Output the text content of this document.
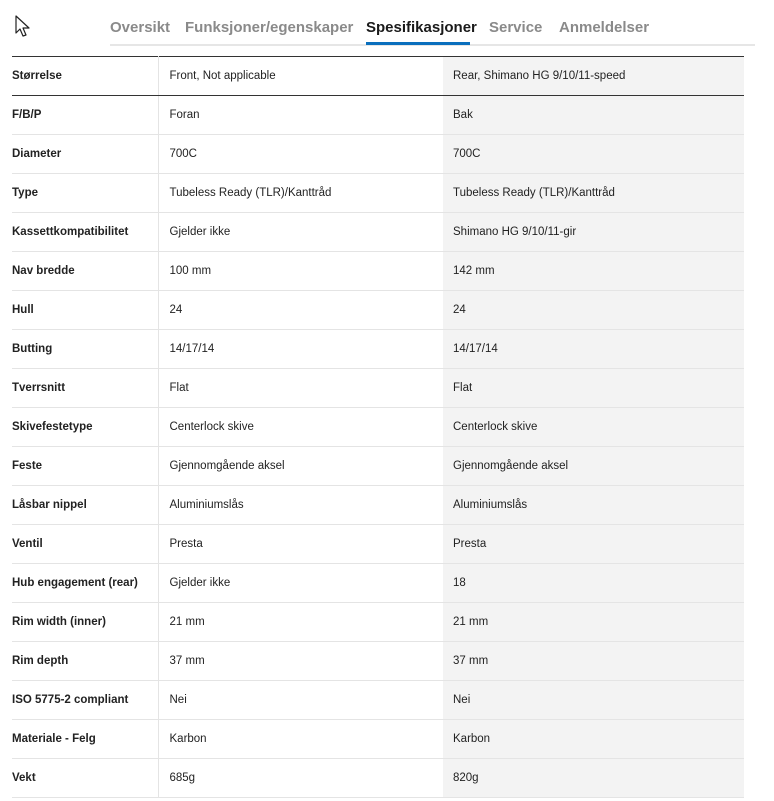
Oversikt Funksjoner/egenskaper Spesifikasjoner Service Anmeldelser
Størrelse	Front, Not applicable	Rear, Shimano HG 9/10/11-speed
F/B/P	Foran	Bak
Diameter	700C	700C
Type	Tubeless Ready (TLR)/Kanttråd	Tubeless Ready (TLR)/Kanttråd
Kassettkompatibilitet	Gjelder ikke	Shimano HG 9/10/11-gir
Nav bredde	100 mm	142 mm
Hull	24	24
Butting	14/17/14	14/17/14
Tverrsnitt	Flat	Flat
Skivefestetype	Centerlock skive	Centerlock skive
Feste	Gjennomgående aksel	Gjennomgående aksel
Låsbar nippel	Aluminiumslås	Aluminiumslås
Ventil	Presta	Presta
Hub engagement (rear)	Gjelder ikke	18
Rim width (inner)	21 mm	21 mm
Rim depth	37 mm	37 mm
ISO 5775-2 compliant	Nei	Nei
Materiale - Felg	Karbon	Karbon
Vekt	685g	820g
